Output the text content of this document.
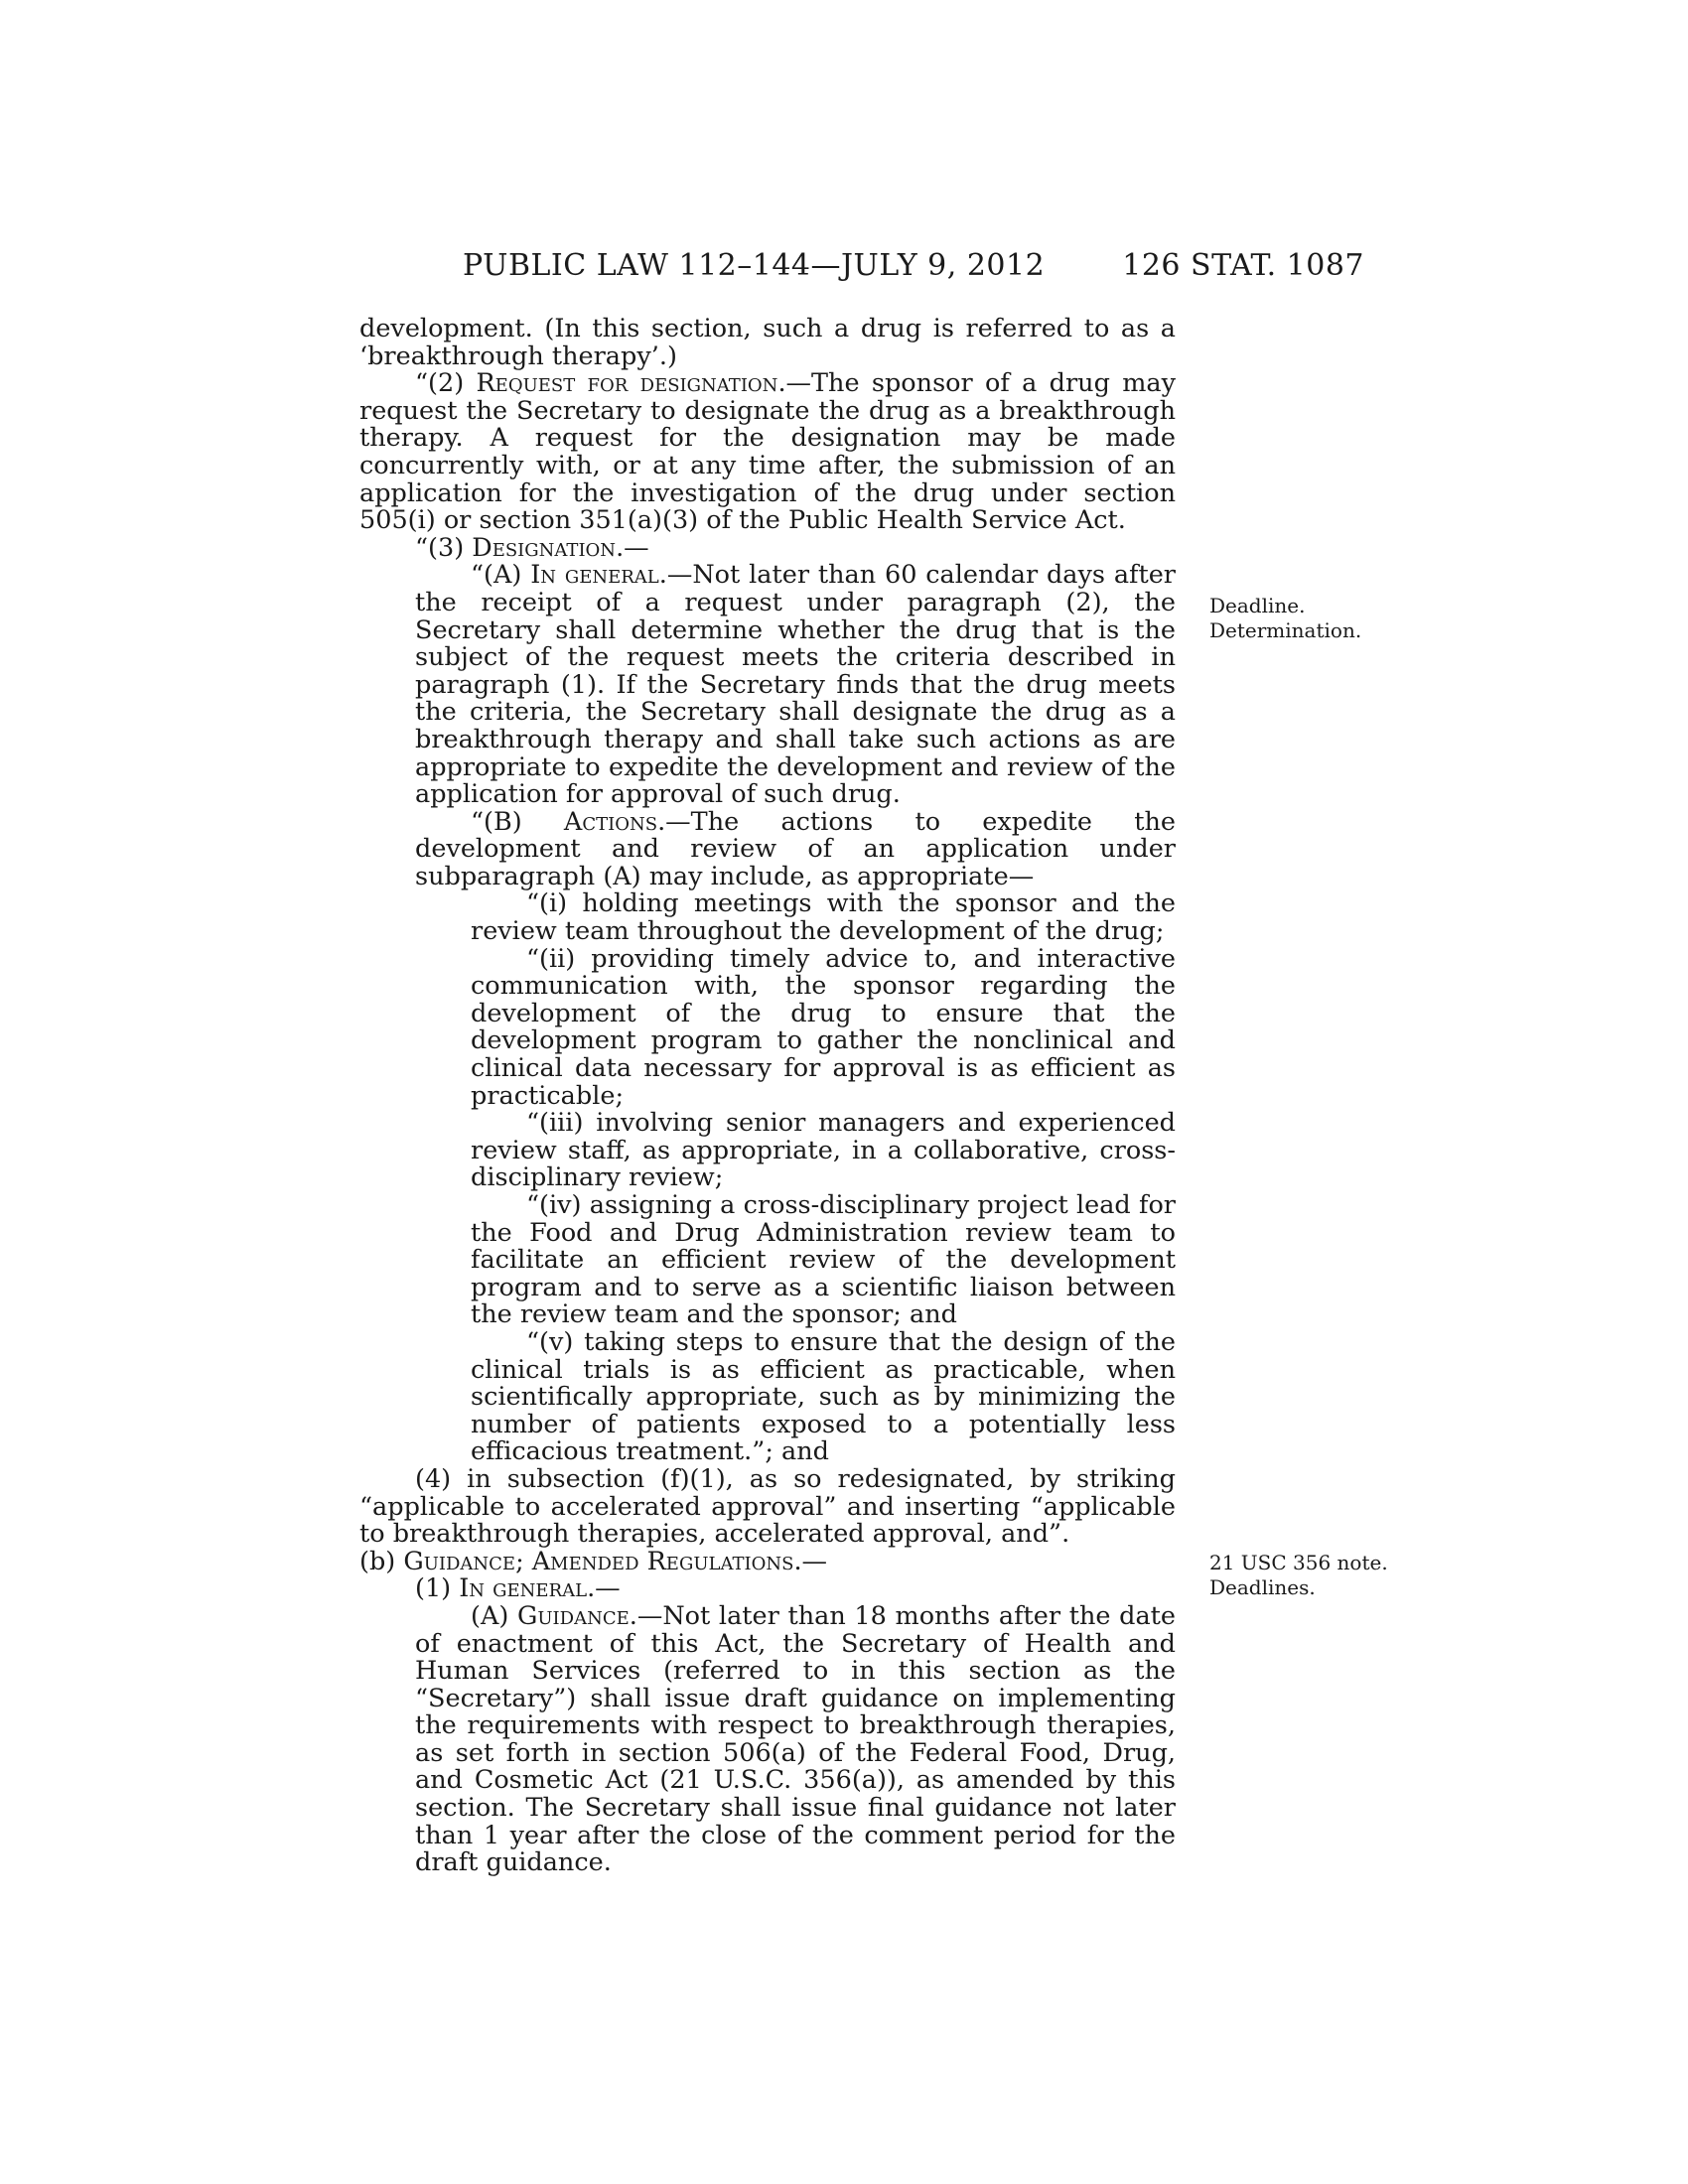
PUBLIC LAW 112–144—JULY 9, 2012	126 STAT. 1087

development. (In this section, such a drug is referred to as a ‘breakthrough therapy’.)

“(2) Request for designation.—The sponsor of a drug may request the Secretary to designate the drug as a breakthrough therapy. A request for the designation may be made concurrently with, or at any time after, the submission of an application for the investigation of the drug under section 505(i) or section 351(a)(3) of the Public Health Service Act.

“(3) Designation.—

“(A) In general.—Not later than 60 calendar days after the receipt of a request under paragraph (2), the Secretary shall determine whether the drug that is the subject of the request meets the criteria described in paragraph (1). If the Secretary finds that the drug meets the criteria, the Secretary shall designate the drug as a breakthrough therapy and shall take such actions as are appropriate to expedite the development and review of the application for approval of such drug.

“(B) Actions.—The actions to expedite the development and review of an application under subparagraph (A) may include, as appropriate—

“(i) holding meetings with the sponsor and the review team throughout the development of the drug;

“(ii) providing timely advice to, and interactive communication with, the sponsor regarding the development of the drug to ensure that the development program to gather the nonclinical and clinical data necessary for approval is as efficient as practicable;

“(iii) involving senior managers and experienced review staff, as appropriate, in a collaborative, cross-disciplinary review;

“(iv) assigning a cross-disciplinary project lead for the Food and Drug Administration review team to facilitate an efficient review of the development program and to serve as a scientific liaison between the review team and the sponsor; and

“(v) taking steps to ensure that the design of the clinical trials is as efficient as practicable, when scientifically appropriate, such as by minimizing the number of patients exposed to a potentially less efficacious treatment.”; and

(4) in subsection (f)(1), as so redesignated, by striking “applicable to accelerated approval” and inserting “applicable to breakthrough therapies, accelerated approval, and”.

(b) Guidance; Amended Regulations.—

(1) In general.—

(A) Guidance.—Not later than 18 months after the date of enactment of this Act, the Secretary of Health and Human Services (referred to in this section as the “Secretary”) shall issue draft guidance on implementing the requirements with respect to breakthrough therapies, as set forth in section 506(a) of the Federal Food, Drug, and Cosmetic Act (21 U.S.C. 356(a)), as amended by this section. The Secretary shall issue final guidance not later than 1 year after the close of the comment period for the draft guidance.

Deadline.
Determination.
21 USC 356 note.
Deadlines.
